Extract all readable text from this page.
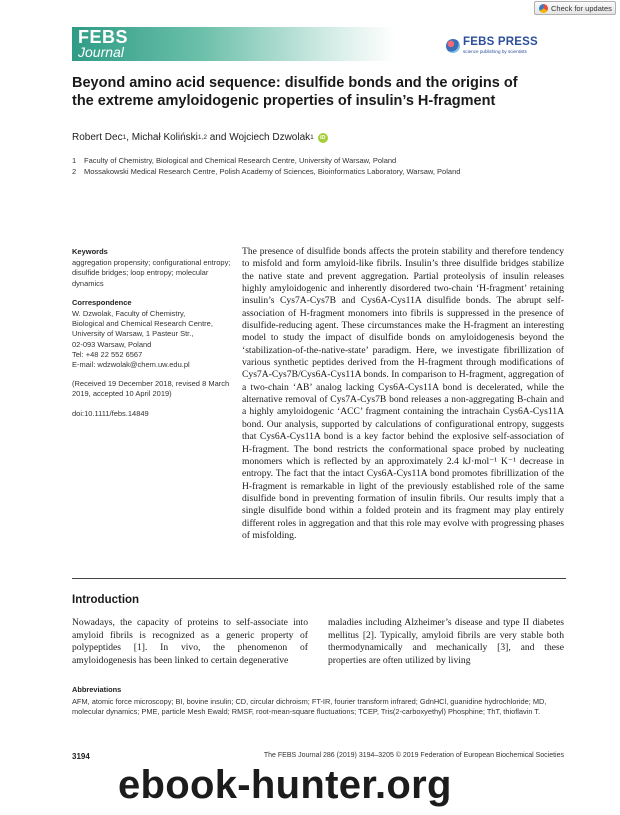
Check for updates
FEBS
Journal
FEBS PRESS
science publishing by scientists
Beyond amino acid sequence: disulfide bonds and the origins of the extreme amyloidogenic properties of insulin’s H-fragment
Robert Dec 1 , Michał Koliński 1,2 and Wojciech Dzwolak 1	iD
1 Faculty of Chemistry, Biological and Chemical Research Centre, University of Warsaw, Poland
2 Mossakowski Medical Research Centre, Polish Academy of Sciences, Bioinformatics Laboratory, Warsaw, Poland
Keywords

aggregation propensity; configurational entropy; disulfide bridges; loop entropy; molecular dynamics

Correspondence

W. Dzwolak, Faculty of Chemistry,

Biological and Chemical Research Centre,

University of Warsaw, 1 Pasteur Str.,

02-093 Warsaw, Poland

Tel: +48 22 552 6567

E-mail: wdzwolak@chem.uw.edu.pl

(Received 19 December 2018, revised 8 March 2019, accepted 10 April 2019)

doi:10.1111/febs.14849

The presence of disulfide bonds affects the protein stability and therefore tendency to misfold and form amyloid-like fibrils. Insulin’s three disulfide bridges stabilize the native state and prevent aggregation. Partial proteolysis of insulin releases highly amyloidogenic and inherently disordered two-chain ‘H-fragment’ retaining insulin’s Cys7A-Cys7B and Cys6A-Cys11A disulfide bonds. The abrupt self-association of H-fragment monomers into fibrils is suppressed in the presence of disulfide-reducing agent. These circumstances make the H-fragment an interesting model to study the impact of disulfide bonds on amyloidogenesis beyond the ‘stabilization-of-the-native-state’ paradigm. Here, we investigate fibrillization of various synthetic peptides derived from the H-fragment through modifications of Cys7A-Cys7B/Cys6A-Cys11A bonds. In comparison to H-fragment, aggregation of a two-chain ‘AB’ analog lacking Cys6A-Cys11A bond is decelerated, while the alternative removal of Cys7A-Cys7B bond releases a non-aggregating B-chain and a highly amyloidogenic ‘ACC’ fragment containing the intrachain Cys6A-Cys11A bond. Our analysis, supported by calculations of configurational entropy, suggests that Cys6A-Cys11A bond is a key factor behind the explosive self-association of H-fragment. The bond restricts the conformational space probed by nucleating monomers which is reflected by an approximately 2.4 kJ·mol⁻¹ K⁻¹ decrease in entropy. The fact that the intact Cys6A-Cys11A bond promotes fibrillization of the H-fragment is remarkable in light of the previously established role of the same disulfide bond in preventing formation of insulin fibrils. Our results imply that a single disulfide bond within a folded protein and its fragment may play entirely different roles in aggregation and that this role may evolve with progressing phases of misfolding.

Introduction

Nowadays, the capacity of proteins to self-associate into amyloid fibrils is recognized as a generic property of polypeptides [1]. In vivo, the phenomenon of amyloidogenesis has been linked to certain degenerative

maladies including Alzheimer’s disease and type II diabetes mellitus [2]. Typically, amyloid fibrils are very stable both thermodynamically and mechanically [3], and these properties are often utilized by living

Abbreviations

AFM, atomic force microscopy; BI, bovine insulin; CD, circular dichroism; FT-IR, fourier transform infrared; GdnHCl, guanidine hydrochloride; MD, molecular dynamics; PME, particle Mesh Ewald; RMSF, root-mean-square fluctuations; TCEP, Tris(2-carboxyethyl) Phosphine; ThT, thioflavin T.

3194	The FEBS Journal 286 (2019) 3194–3205 © 2019 Federation of European Biochemical Societies
ebook-hunter.org
